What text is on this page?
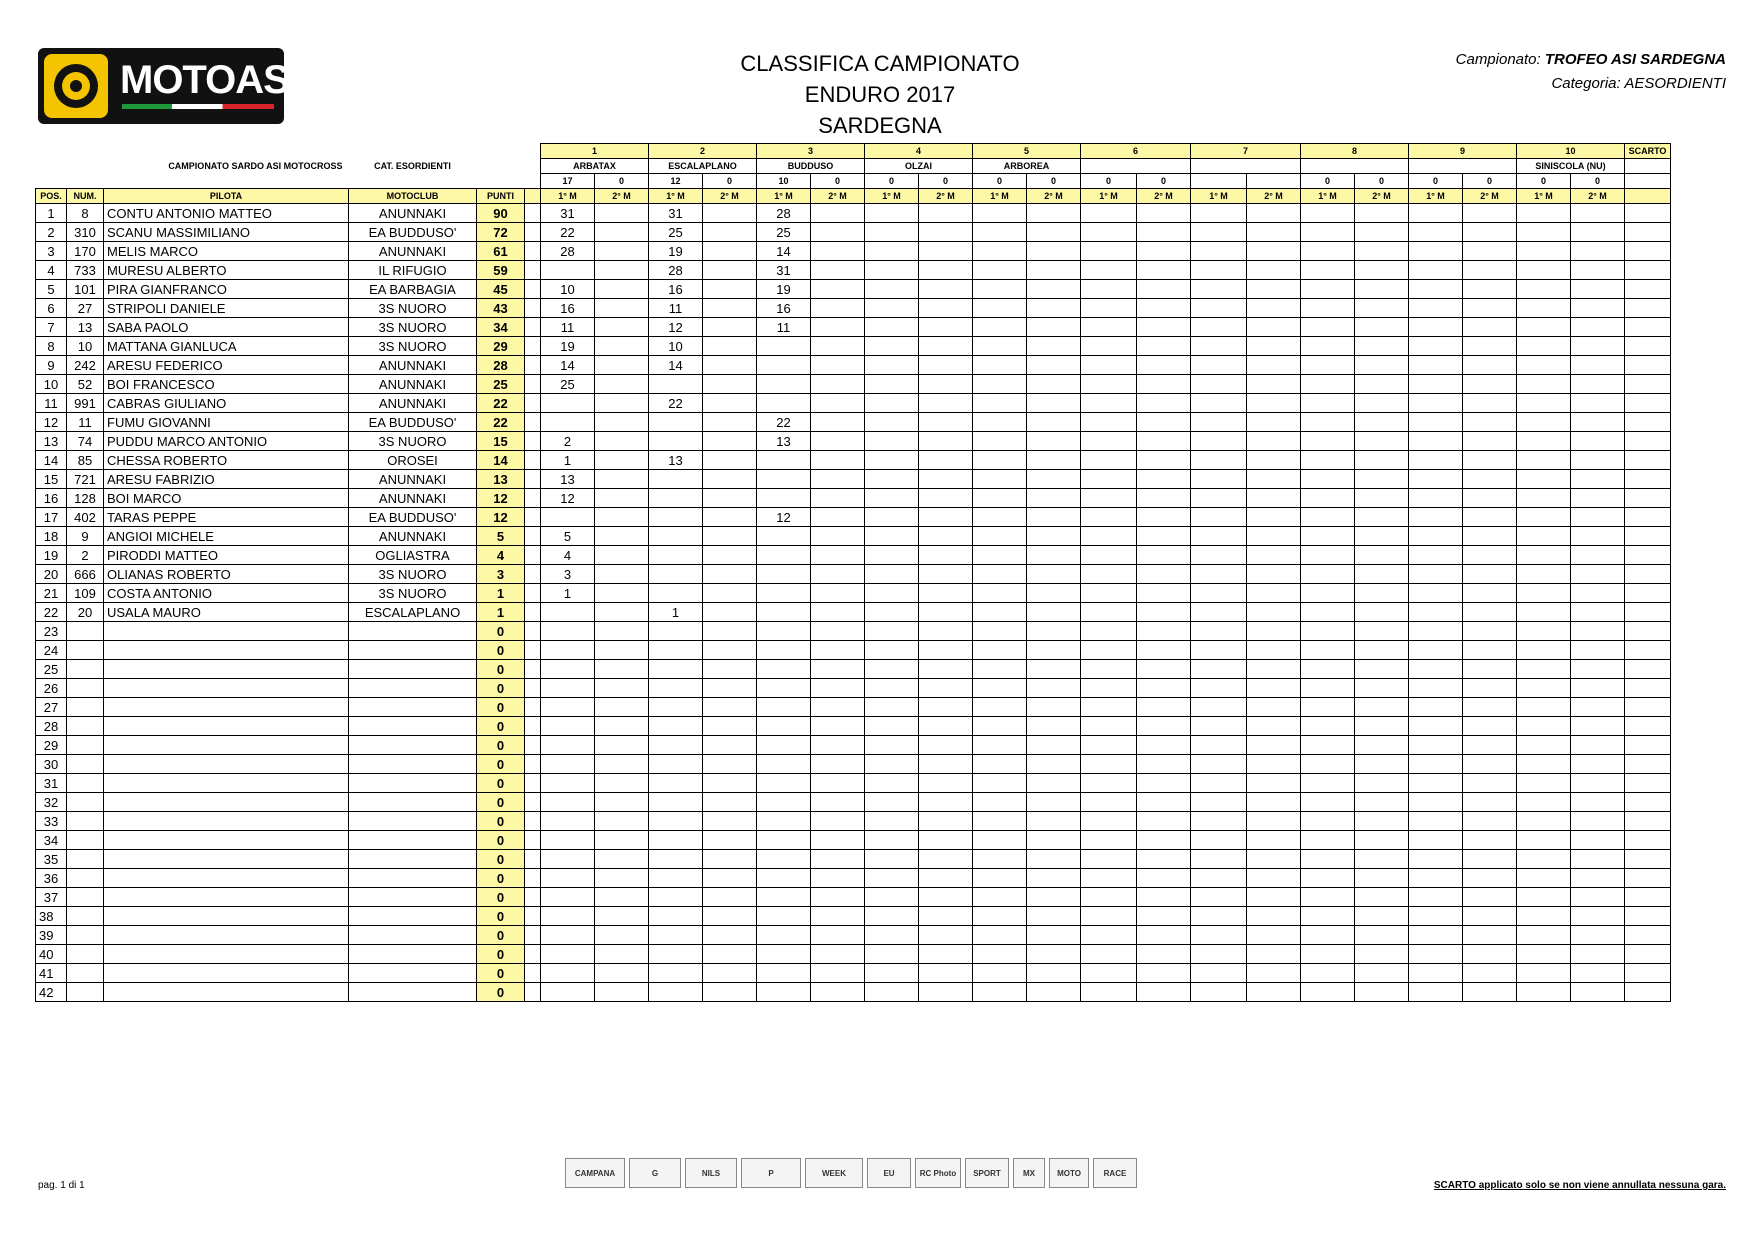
MOTOASI.IT	CLASSIFICA CAMPIONATO
ENDURO 2017
SARDEGNA
Campionato: TROFEO ASI SARDEGNA
Categoria: AESORDIENTI
						1		2		3		4		5		6		7		8		9		10		SCARTO
	CAMPIONATO SARDO ASI MOTOCROSS		CAT. ESORDIENTI			ARBATAX		ESCALAPLANO		BUDDUSO		OLZAI		ARBOREA										SINISCOLA (NU)		
						17	0	12	0	10	0	0	0	0	0	0	0			0	0	0	0	0	0	
POS.	NUM.	PILOTA	MOTOCLUB	PUNTI		1° M	2° M	1° M	2° M	1° M	2° M	1° M	2° M	1° M	2° M	1° M	2° M	1° M	2° M	1° M	2° M	1° M	2° M	1° M	2° M	
1	8	CONTU ANTONIO MATTEO	ANUNNAKI	90		31		31		28																
2	310	SCANU MASSIMILIANO	EA BUDDUSO'	72		22		25		25																
3	170	MELIS MARCO	ANUNNAKI	61		28		19		14																
4	733	MURESU ALBERTO	IL RIFUGIO	59				28		31																
5	101	PIRA GIANFRANCO	EA BARBAGIA	45		10		16		19																
6	27	STRIPOLI DANIELE	3S NUORO	43		16		11		16																
7	13	SABA PAOLO	3S NUORO	34		11		12		11																
8	10	MATTANA GIANLUCA	3S NUORO	29		19		10																		
9	242	ARESU FEDERICO	ANUNNAKI	28		14		14																		
10	52	BOI FRANCESCO	ANUNNAKI	25		25																				
11	991	CABRAS GIULIANO	ANUNNAKI	22				22																		
12	11	FUMU GIOVANNI	EA BUDDUSO'	22						22																
13	74	PUDDU MARCO ANTONIO	3S NUORO	15		2				13																
14	85	CHESSA ROBERTO	OROSEI	14		1		13																		
15	721	ARESU FABRIZIO	ANUNNAKI	13		13																				
16	128	BOI MARCO	ANUNNAKI	12		12																				
17	402	TARAS PEPPE	EA BUDDUSO'	12						12																
18	9	ANGIOI MICHELE	ANUNNAKI	5		5																				
19	2	PIRODDI MATTEO	OGLIASTRA	4		4																				
20	666	OLIANAS ROBERTO	3S NUORO	3		3																				
21	109	COSTA ANTONIO	3S NUORO	1		1																				
22	20	USALA MAURO	ESCALAPLANO	1				1																		
23				0																						
24				0																						
25				0																						
26				0																						
27				0																						
28				0																						
29				0																						
30				0																						
31				0																						
32				0																						
33				0																						
34				0																						
35				0																						
36				0																						
37				0																						
38				0																						
39				0																						
40				0																						
41				0																						
42				0																						
CAMPANA	G	NILS	P	WEEK	EU	RC Photo	SPORT	MX	MOTO	RACE
pag. 1 di 1	SCARTO applicato solo se non viene annullata nessuna gara.
